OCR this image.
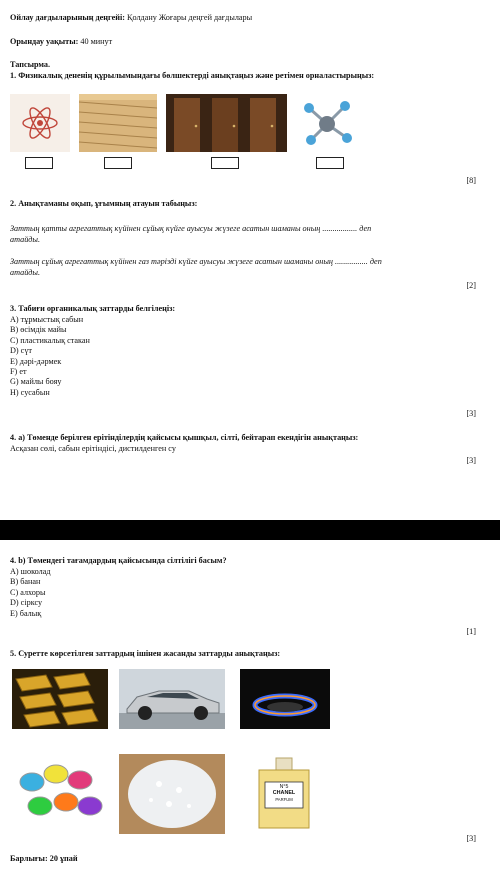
Ойлау дағдыларының деңгейі: Қолдану Жоғары деңгей дағдылары
Орындау уақыты: 40 минут
Тапсырма.
1. Физикалық дененің құрылымындағы бөлшектерді анықтаңыз және ретімен орналастырыңыз:
[8]
2. Анықтаманы оқып, ұғымның атауын табыңыз:
Заттың қатты агрегаттық күйінен сұйық күйге ауысуы жүзеге асатын шаманы оның ................. деп
атайды.
Заттың сұйық агрегаттық күйінен газ тәрізді күйге ауысуы жүзеге асатын шаманы оның ................ деп
атайды.
[2]
3. Табиғи органикалық заттарды белгілеңіз:
А) тұрмыстық сабын
В) өсімдік майы
С) пластикалық стакан
D) сүт
Е) дәрі-дәрмек
F) ет
G) майлы бояу
H) сусабын
[3]
4. a) Төменде берілген ерітінділердің қайсысы қышқыл, сілті, бейтарап екендігін анықтаңыз:
Асқазан сөлі, сабын ерітіндісі, дистилденген су
[3]
4. b) Төмендегі тағамдардың қайсысында сілтілігі басым?
А) шоколад
В) банан
С) алхоры
D) сірксу
Е) балық
[1]
5. Суретте көрсетілген заттардың ішінен жасанды заттарды анықтаңыз:
N°5
CHANEL
PARFUM
[3]
Барлығы: 20 ұпай
